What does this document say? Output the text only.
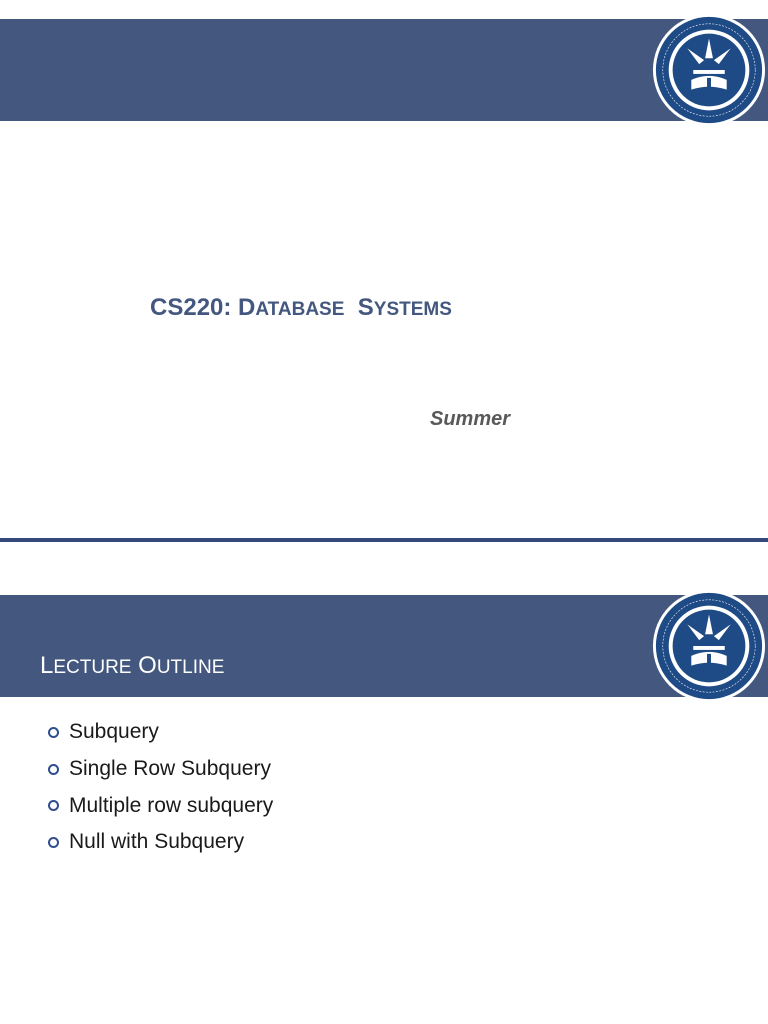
CS220: DATABASE SYSTEMS
Summer
LECTURE OUTLINE
Subquery
Single Row Subquery
Multiple row subquery
Null with Subquery
